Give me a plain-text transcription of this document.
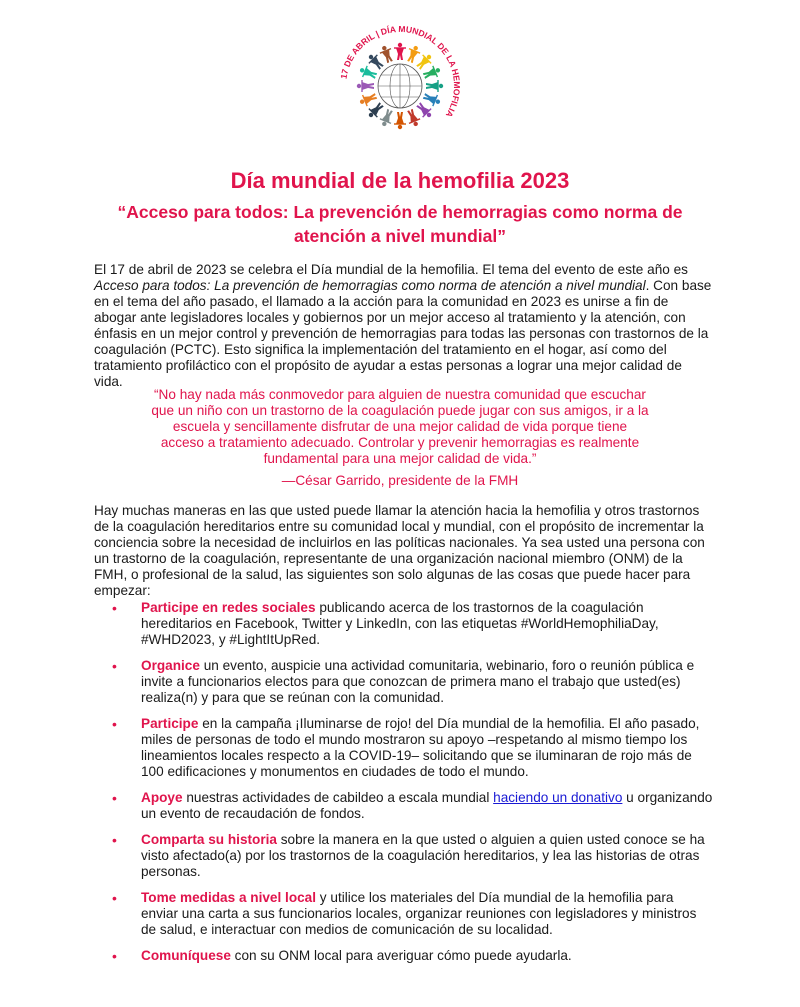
17 DE ABRIL | DÍA MUNDIAL DE LA HEMOFILIA
Día mundial de la hemofilia 2023
“Acceso para todos: La prevención de hemorragias como norma de atención a nivel mundial”

El 17 de abril de 2023 se celebra el Día mundial de la hemofilia. El tema del evento de este año es Acceso para todos: La prevención de hemorragias como norma de atención a nivel mundial. Con base en el tema del año pasado, el llamado a la acción para la comunidad en 2023 es unirse a fin de abogar ante legisladores locales y gobiernos por un mejor acceso al tratamiento y la atención, con énfasis en un mejor control y prevención de hemorragias para todas las personas con trastornos de la coagulación (PCTC). Esto significa la implementación del tratamiento en el hogar, así como del tratamiento profiláctico con el propósito de ayudar a estas personas a lograr una mejor calidad de vida.

“No hay nada más conmovedor para alguien de nuestra comunidad que escuchar que un niño con un trastorno de la coagulación puede jugar con sus amigos, ir a la escuela y sencillamente disfrutar de una mejor calidad de vida porque tiene acceso a tratamiento adecuado. Controlar y prevenir hemorragias es realmente fundamental para una mejor calidad de vida.”

—César Garrido, presidente de la FMH

Hay muchas maneras en las que usted puede llamar la atención hacia la hemofilia y otros trastornos de la coagulación hereditarios entre su comunidad local y mundial, con el propósito de incrementar la conciencia sobre la necesidad de incluirlos en las políticas nacionales. Ya sea usted una persona con un trastorno de la coagulación, representante de una organización nacional miembro (ONM) de la FMH, o profesional de la salud, las siguientes son solo algunas de las cosas que puede hacer para empezar:

• Participe en redes sociales publicando acerca de los trastornos de la coagulación hereditarios en Facebook, Twitter y LinkedIn, con las etiquetas #WorldHemophiliaDay, #WHD2023, y #LightItUpRed.
• Organice un evento, auspicie una actividad comunitaria, webinario, foro o reunión pública e invite a funcionarios electos para que conozcan de primera mano el trabajo que usted(es) realiza(n) y para que se reúnan con la comunidad.
• Participe en la campaña ¡Iluminarse de rojo! del Día mundial de la hemofilia. El año pasado, miles de personas de todo el mundo mostraron su apoyo –respetando al mismo tiempo los lineamientos locales respecto a la COVID-19– solicitando que se iluminaran de rojo más de 100 edificaciones y monumentos en ciudades de todo el mundo.
• Apoye nuestras actividades de cabildeo a escala mundial haciendo un donativo u organizando un evento de recaudación de fondos.
• Comparta su historia sobre la manera en la que usted o alguien a quien usted conoce se ha visto afectado(a) por los trastornos de la coagulación hereditarios, y lea las historias de otras personas.
• Tome medidas a nivel local y utilice los materiales del Día mundial de la hemofilia para enviar una carta a sus funcionarios locales, organizar reuniones con legisladores y ministros de salud, e interactuar con medios de comunicación de su localidad.
• Comuníquese con su ONM local para averiguar cómo puede ayudarla.
